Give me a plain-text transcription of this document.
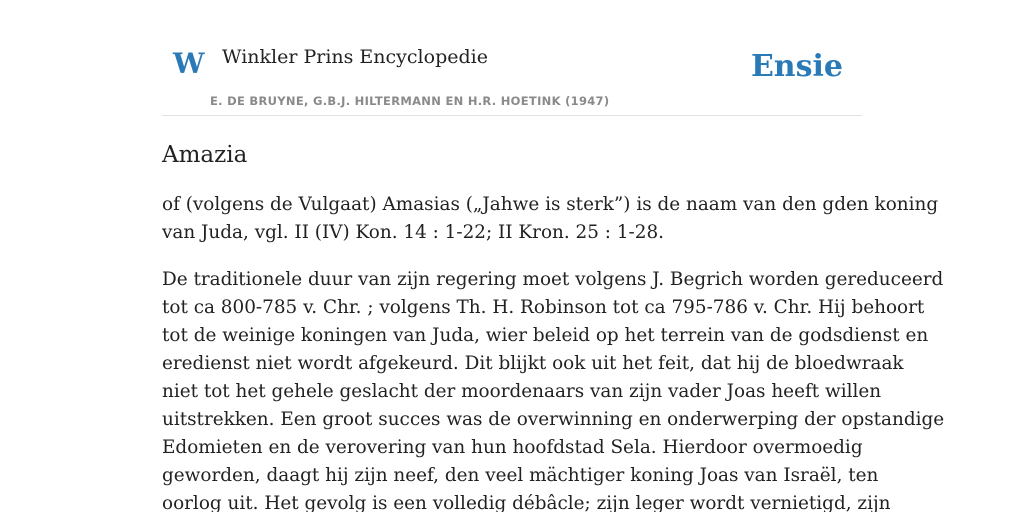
W Winkler Prins Encyclopedie
E. DE BRUYNE, G.B.J. HILTERMANN EN H.R. HOETINK (1947)
Ensie
Amazia
of (volgens de Vulgaat) Amasias („Jahwe is sterk”) is de naam van den gden koning
van Juda, vgl. II (IV) Kon. 14 : 1-22; II Kron. 25 : 1-28.
De traditionele duur van zijn regering moet volgens J. Begrich worden gereduceerd
tot ca 800-785 v. Chr. ; volgens Th. H. Robinson tot ca 795-786 v. Chr. Hij behoort
tot de weinige koningen van Juda, wier beleid op het terrein van de godsdienst en
eredienst niet wordt afgekeurd. Dit blijkt ook uit het feit, dat hij de bloedwraak
niet tot het gehele geslacht der moordenaars van zijn vader Joas heeft willen
uitstrekken. Een groot succes was de overwinning en onderwerping der opstandige
Edomieten en de verovering van hun hoofdstad Sela. Hierdoor overmoedig
geworden, daagt hij zijn neef, den veel mächtiger koning Joas van Israël, ten
oorlog uit. Het gevolg is een volledig débâcle; zijn leger wordt vernietigd, zijn
